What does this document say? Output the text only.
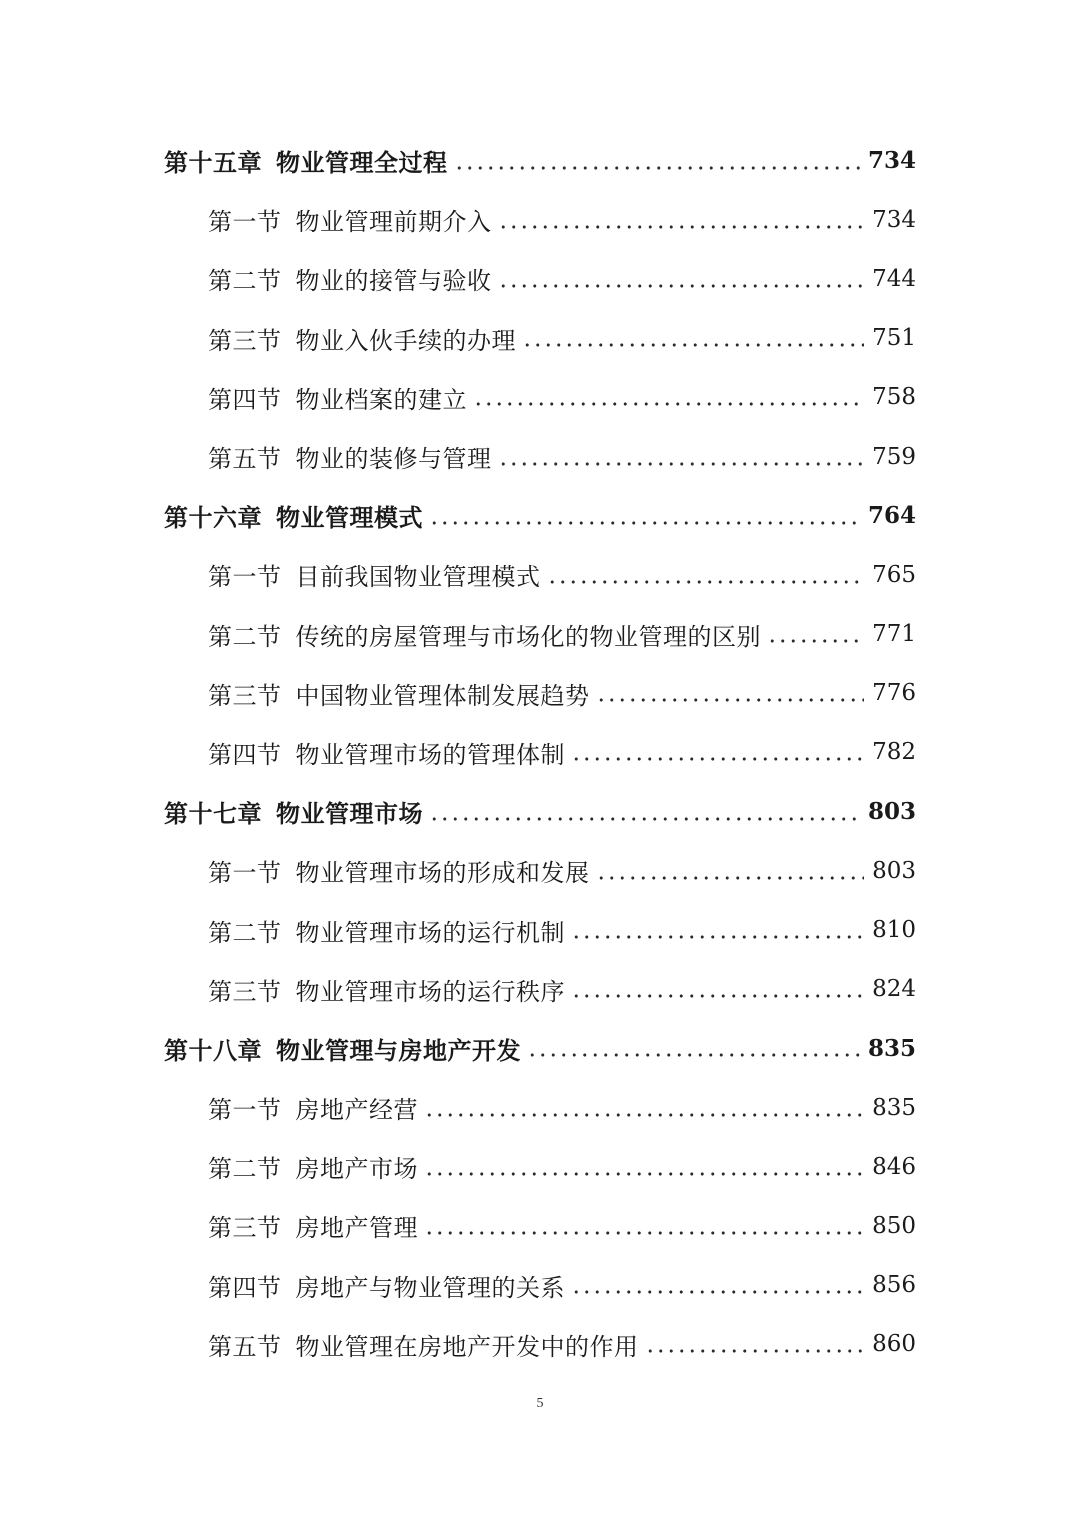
第十五章 物业管理全过程	734
第一节 物业管理前期介入	734
第二节 物业的接管与验收	744
第三节 物业入伙手续的办理	751
第四节 物业档案的建立	758
第五节 物业的装修与管理	759
第十六章 物业管理模式	764
第一节 目前我国物业管理模式	765
第二节 传统的房屋管理与市场化的物业管理的区别	771
第三节 中国物业管理体制发展趋势	776
第四节 物业管理市场的管理体制	782
第十七章 物业管理市场	803
第一节 物业管理市场的形成和发展	803
第二节 物业管理市场的运行机制	810
第三节 物业管理市场的运行秩序	824
第十八章 物业管理与房地产开发	835
第一节 房地产经营	835
第二节 房地产市场	846
第三节 房地产管理	850
第四节 房地产与物业管理的关系	856
第五节 物业管理在房地产开发中的作用	860
5
